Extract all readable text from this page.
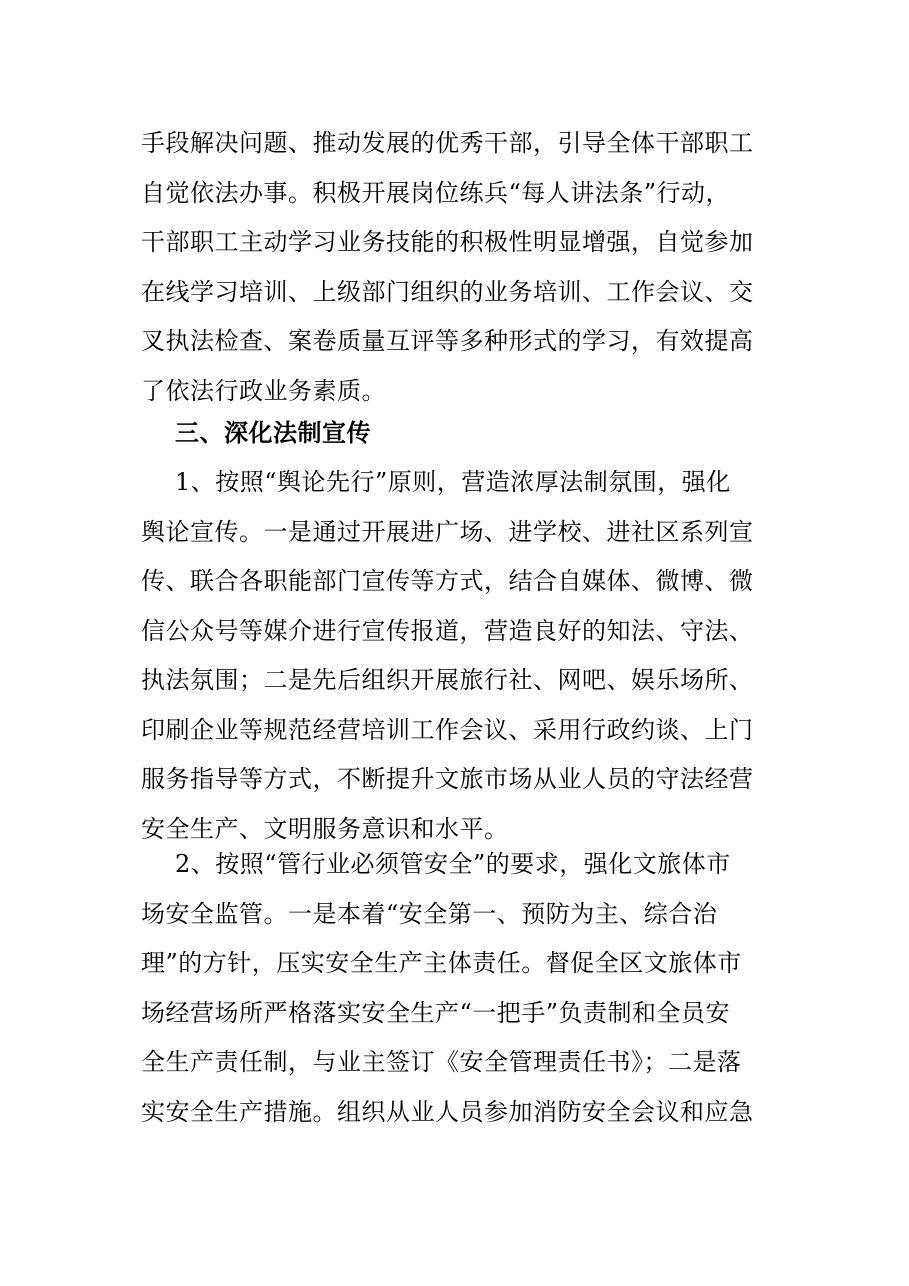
手段解决问题、推动发展的优秀干部，引导全体干部职工
自觉依法办事。积极开展岗位练兵“每人讲法条”行动，
干部职工主动学习业务技能的积极性明显增强，自觉参加
在线学习培训、上级部门组织的业务培训、工作会议、交
叉执法检查、案卷质量互评等多种形式的学习，有效提高
了依法行政业务素质。
三、深化法制宣传
1、按照“舆论先行”原则，营造浓厚法制氛围，强化
舆论宣传。一是通过开展进广场、进学校、进社区系列宣
传、联合各职能部门宣传等方式，结合自媒体、微博、微
信公众号等媒介进行宣传报道，营造良好的知法、守法、
执法氛围；二是先后组织开展旅行社、网吧、娱乐场所、
印刷企业等规范经营培训工作会议、采用行政约谈、上门
服务指导等方式，不断提升文旅市场从业人员的守法经营
安全生产、文明服务意识和水平。
2、按照“管行业必须管安全”的要求，强化文旅体市
场安全监管。一是本着“安全第一、预防为主、综合治
理”的方针，压实安全生产主体责任。督促全区文旅体市
场经营场所严格落实安全生产“一把手”负责制和全员安
全生产责任制，与业主签订《安全管理责任书》；二是落
实安全生产措施。组织从业人员参加消防安全会议和应急
